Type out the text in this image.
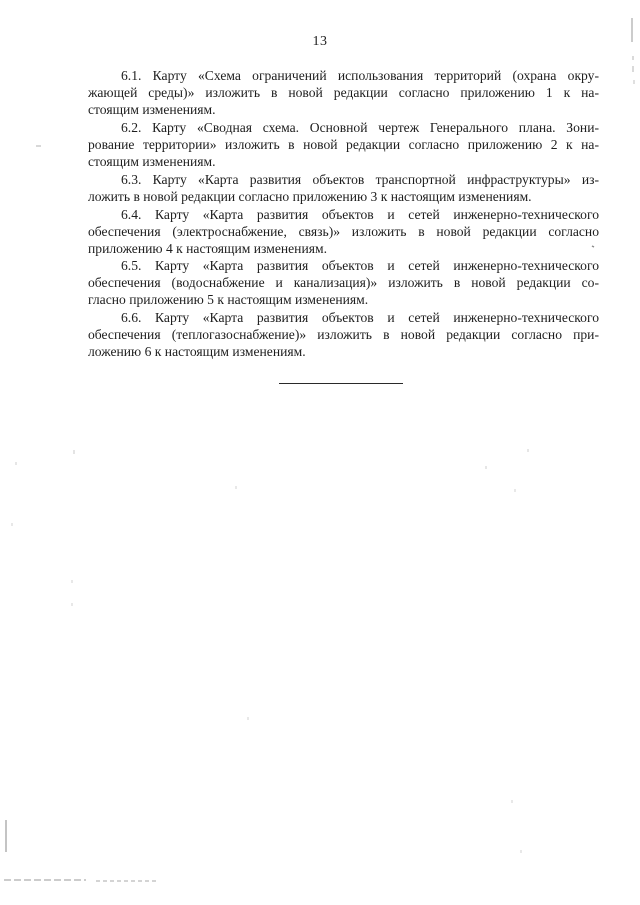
13
6.1. Карту «Схема ограничений использования территорий (охрана окру-
жающей среды)» изложить в новой редакции согласно приложению 1 к на-
стоящим изменениям.
6.2. Карту «Сводная схема. Основной чертеж Генерального плана. Зони-
рование территории» изложить в новой редакции согласно приложению 2 к на-
стоящим изменениям.
6.3. Карту «Карта развития объектов транспортной инфраструктуры» из-
ложить в новой редакции согласно приложению 3 к настоящим изменениям.
6.4. Карту «Карта развития объектов и сетей инженерно-технического
обеспечения (электроснабжение, связь)» изложить в новой редакции согласно
приложению 4 к настоящим изменениям.
6.5. Карту «Карта развития объектов и сетей инженерно-технического
обеспечения (водоснабжение и канализация)» изложить в новой редакции со-
гласно приложению 5 к настоящим изменениям.
6.6. Карту «Карта развития объектов и сетей инженерно-технического
обеспечения (теплогазоснабжение)» изложить в новой редакции согласно при-
ложению 6 к настоящим изменениям.
